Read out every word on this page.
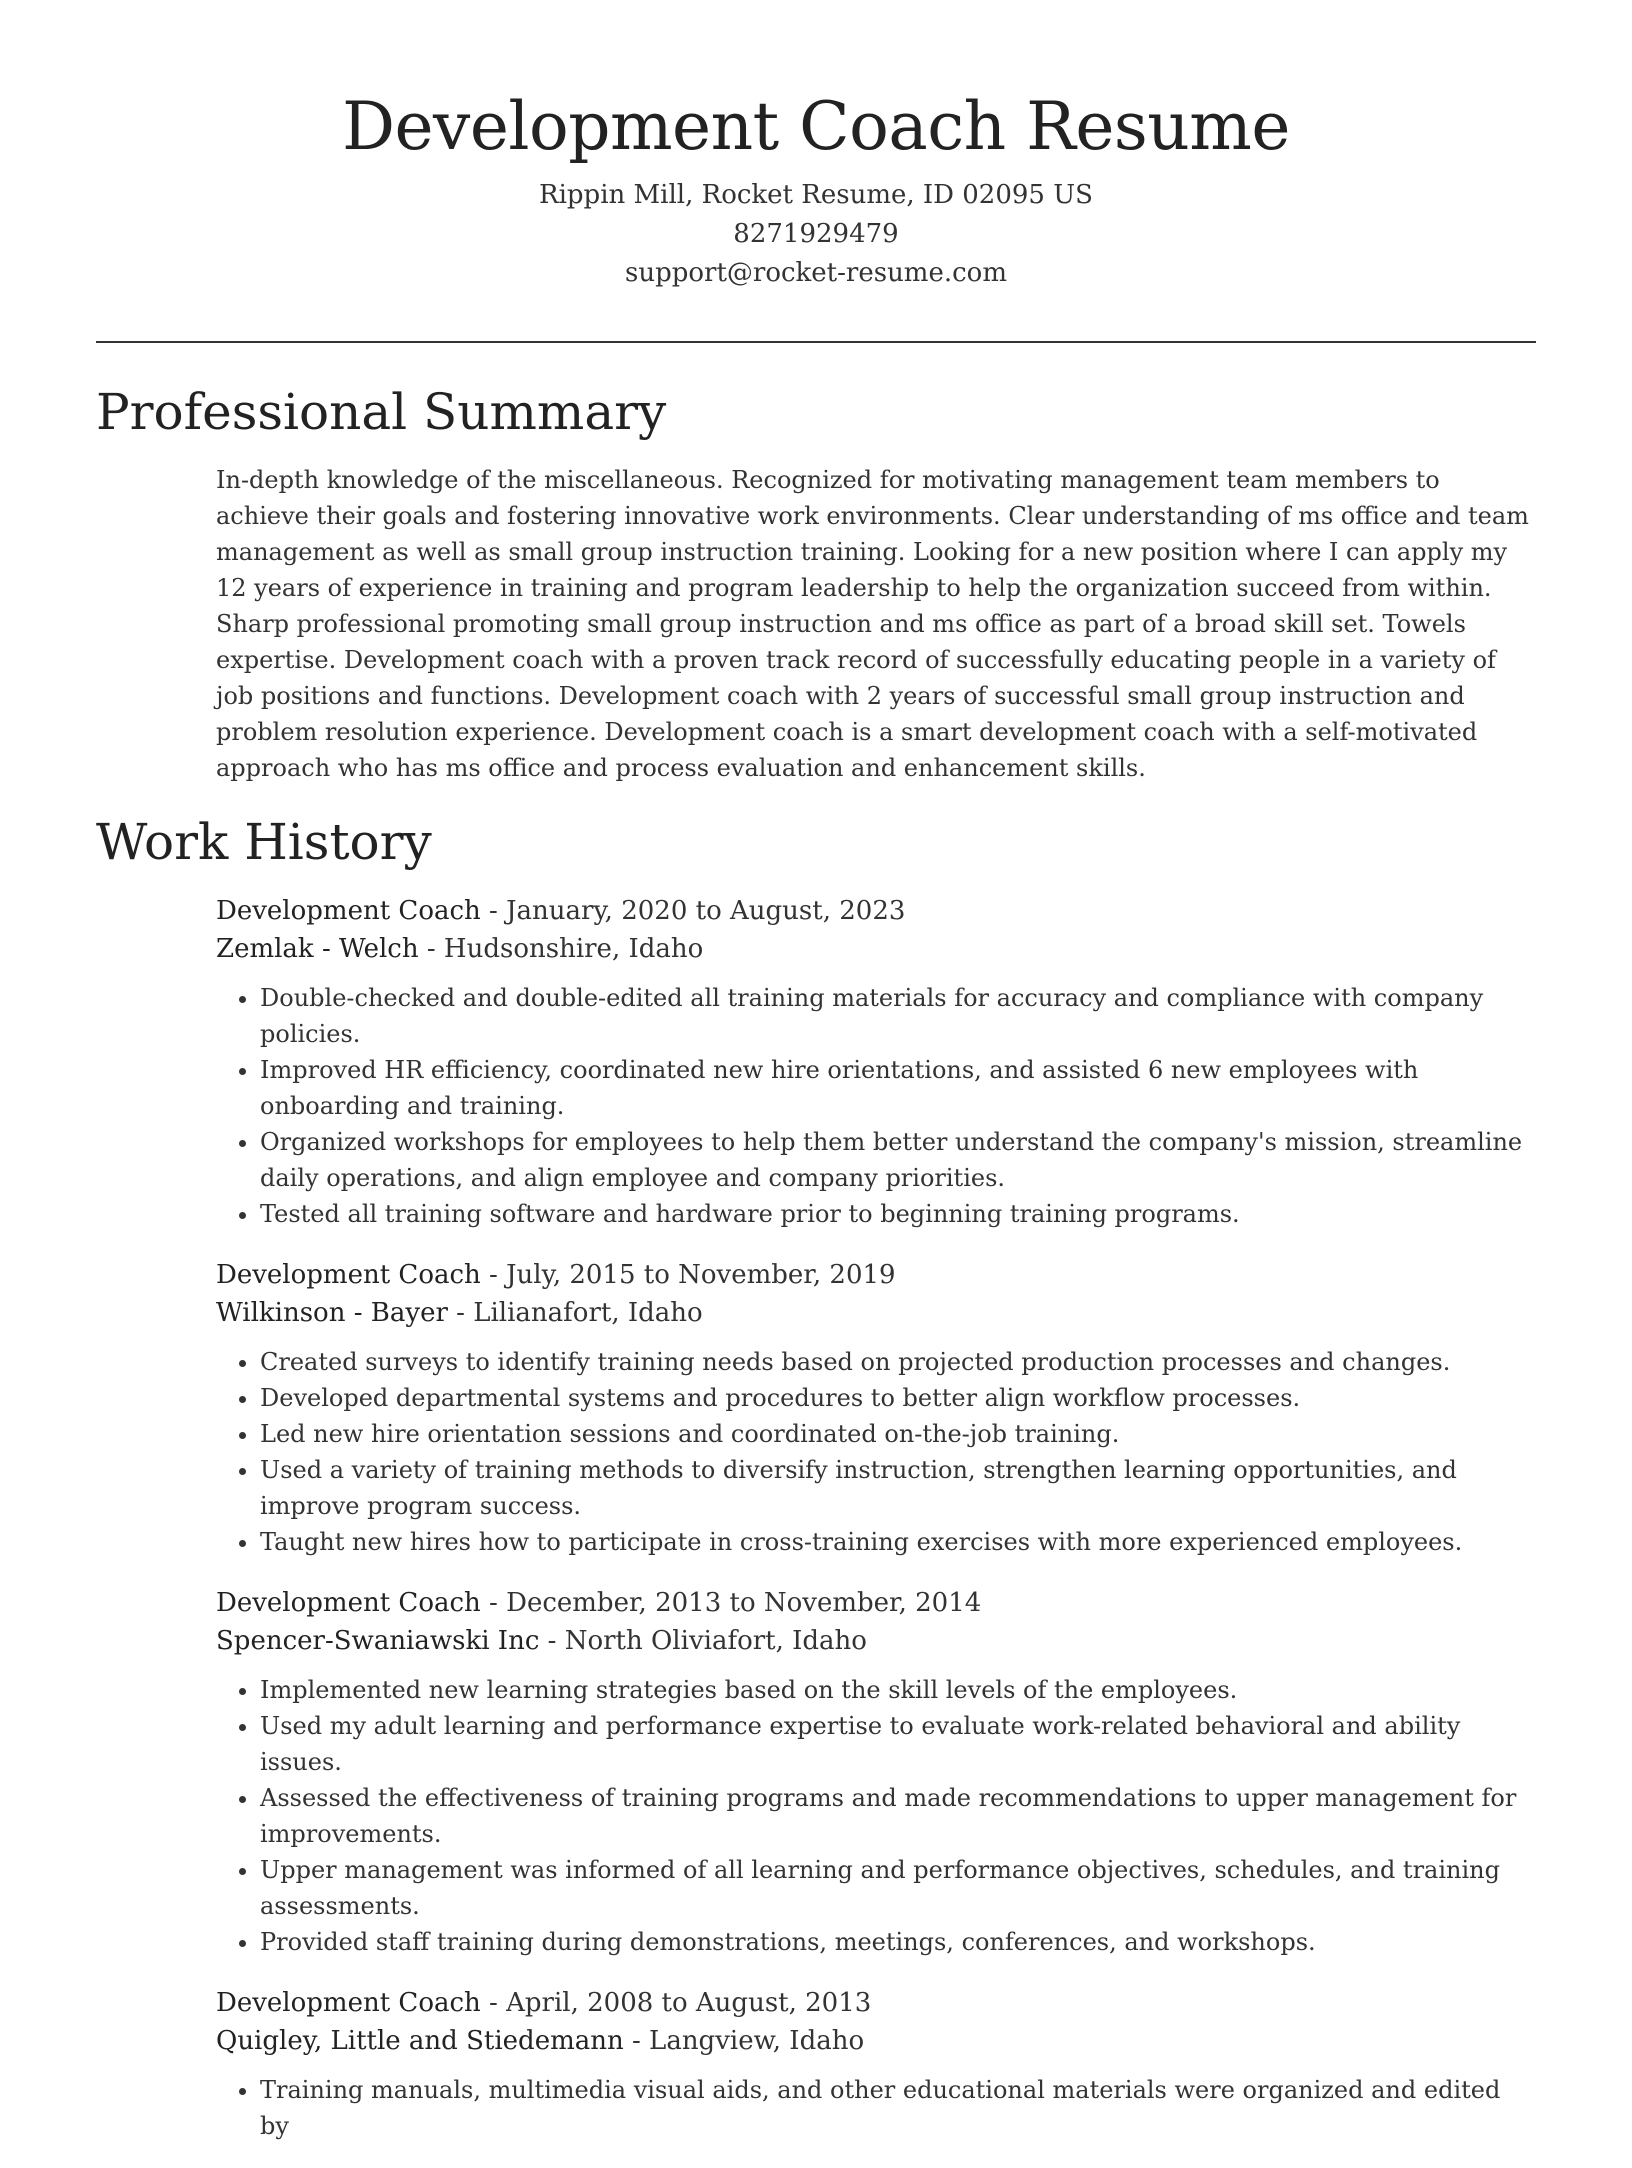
Development Coach Resume
Rippin Mill, Rocket Resume, ID 02095 US
8271929479
support@rocket-resume.com
Professional Summary
In-depth knowledge of the miscellaneous. Recognized for motivating management team members to achieve their goals and fostering innovative work environments. Clear understanding of ms office and team management as well as small group instruction training. Looking for a new position where I can apply my 12 years of experience in training and program leadership to help the organization succeed from within. Sharp professional promoting small group instruction and ms office as part of a broad skill set. Towels expertise. Development coach with a proven track record of successfully educating people in a variety of job positions and functions. Development coach with 2 years of successful small group instruction and problem resolution experience. Development coach is a smart development coach with a self-motivated approach who has ms office and process evaluation and enhancement skills.
Work History
Development Coach - January, 2020 to August, 2023
Zemlak - Welch - Hudsonshire, Idaho
• Double-checked and double-edited all training materials for accuracy and compliance with company policies.
• Improved HR efficiency, coordinated new hire orientations, and assisted 6 new employees with onboarding and training.
• Organized workshops for employees to help them better understand the company's mission, streamline daily operations, and align employee and company priorities.
• Tested all training software and hardware prior to beginning training programs.
Development Coach - July, 2015 to November, 2019
Wilkinson - Bayer - Lilianafort, Idaho
• Created surveys to identify training needs based on projected production processes and changes.
• Developed departmental systems and procedures to better align workflow processes.
• Led new hire orientation sessions and coordinated on-the-job training.
• Used a variety of training methods to diversify instruction, strengthen learning opportunities, and improve program success.
• Taught new hires how to participate in cross-training exercises with more experienced employees.
Development Coach - December, 2013 to November, 2014
Spencer-Swaniawski Inc - North Oliviafort, Idaho
• Implemented new learning strategies based on the skill levels of the employees.
• Used my adult learning and performance expertise to evaluate work-related behavioral and ability issues.
• Assessed the effectiveness of training programs and made recommendations to upper management for improvements.
• Upper management was informed of all learning and performance objectives, schedules, and training assessments.
• Provided staff training during demonstrations, meetings, conferences, and workshops.
Development Coach - April, 2008 to August, 2013
Quigley, Little and Stiedemann - Langview, Idaho
• Training manuals, multimedia visual aids, and other educational materials were organized and edited by
